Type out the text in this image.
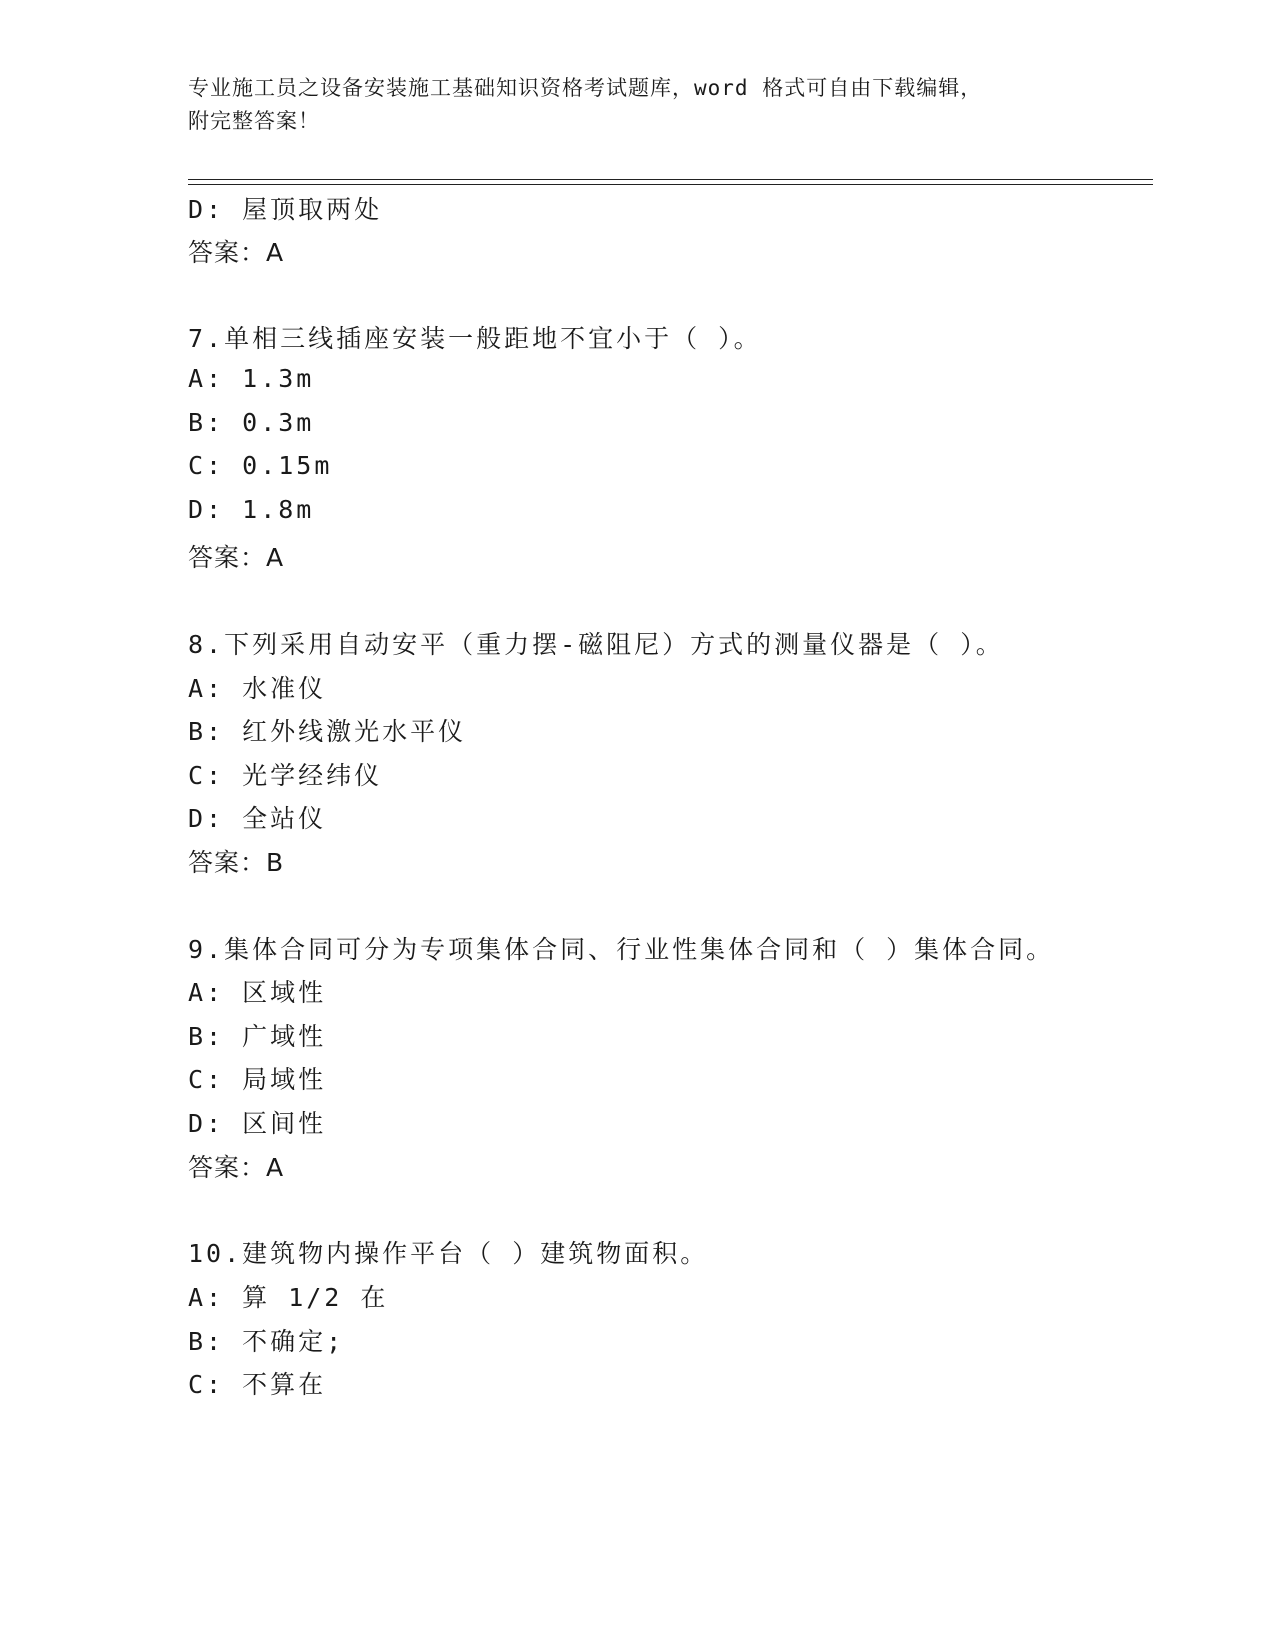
专业施工员之设备安装施工基础知识资格考试题库，word 格式可自由下载编辑，
附完整答案！
D: 屋顶取两处
答案：A
7.单相三线插座安装一般距地不宜小于（ ）。
A: 1.3m
B: 0.3m
C: 0.15m
D: 1.8m
答案：A
8.下列采用自动安平（重力摆-磁阻尼）方式的测量仪器是（ ）。
A: 水准仪
B: 红外线激光水平仪
C: 光学经纬仪
D: 全站仪
答案：B
9.集体合同可分为专项集体合同、行业性集体合同和（ ）集体合同。
A: 区域性
B: 广域性
C: 局域性
D: 区间性
答案：A
10.建筑物内操作平台（ ）建筑物面积。
A: 算 1/2 在
B: 不确定;
C: 不算在
